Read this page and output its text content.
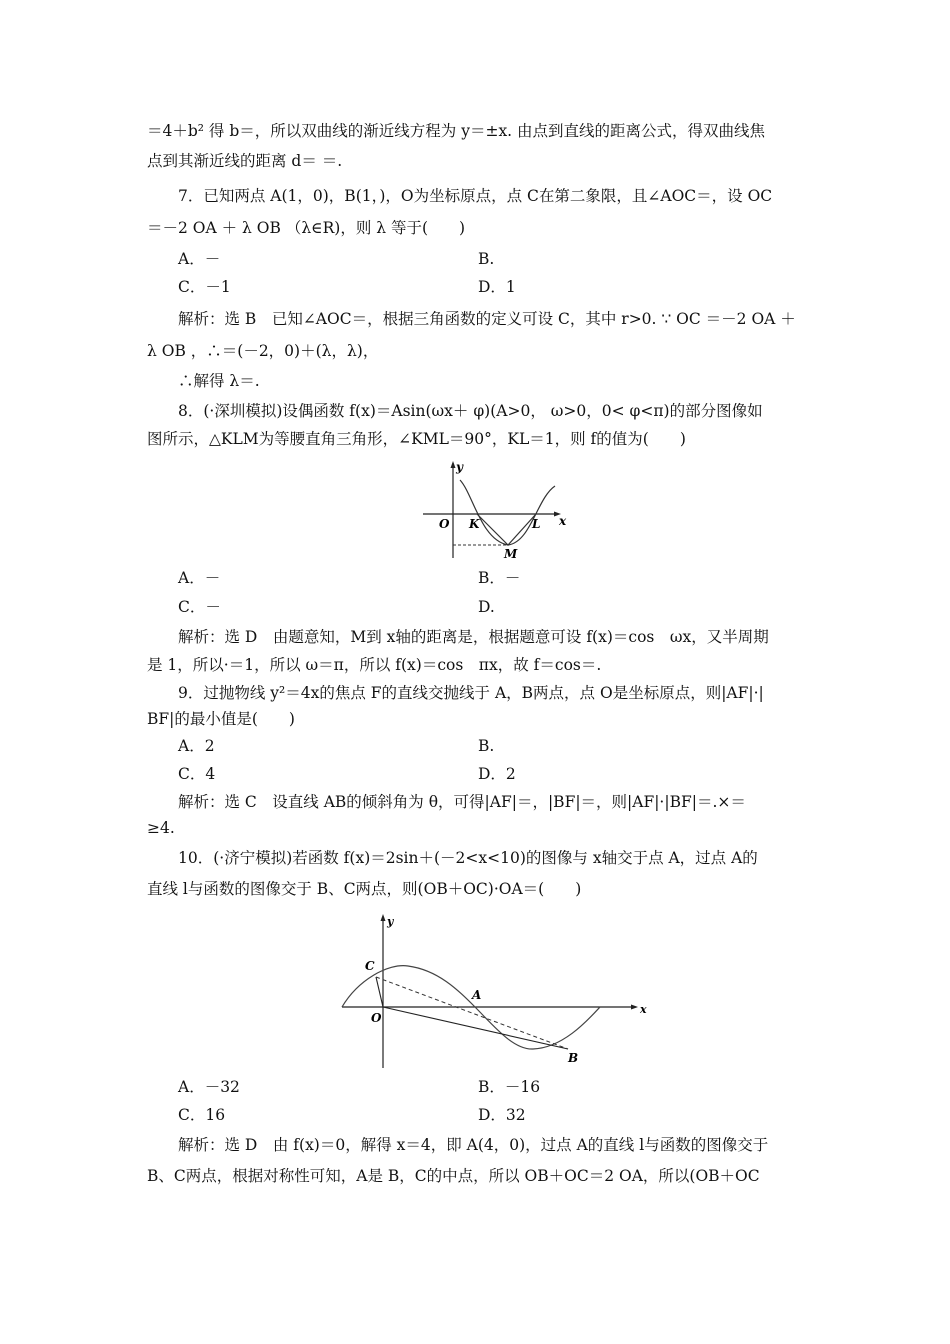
＝4＋b² 得 b＝，所以双曲线的渐近线方程为 y＝±x. 由点到直线的距离公式，得双曲线焦
点到其渐近线的距离 d＝ ＝.
7．已知两点 A(1，0)，B(1，)，O为坐标原点，点 C在第二象限，且∠AOC＝，设 OC
＝－2 OA ＋ λ OB （λ∈R)，则 λ 等于(　　)
A．－	B.
C．－1	D．1
解析：选 B　已知∠AOC＝，根据三角函数的定义可设 C，其中 r>0. ∵ OC ＝－2 OA ＋
λ OB ，∴＝(－2，0)＋(λ，λ)，
∴解得 λ＝.
8．(·深圳模拟)设偶函数 f(x)＝Asin(ωx＋ φ)(A>0， ω>0，0< φ<π)的部分图像如
图所示，△KLM为等腰直角三角形，∠KML＝90°，KL＝1，则 f的值为(　　)
y
O K	L x
M
A．－	B．－
C．－	D.
解析：选 D　由题意知，M到 x轴的距离是，根据题意可设 f(x)＝cos　ωx，又半周期
是 1，所以·＝1，所以 ω＝π，所以 f(x)＝cos　πx，故 f＝cos＝.
9．过抛物线 y²＝4x的焦点 F的直线交抛线于 A，B两点，点 O是坐标原点，则|AF|·|
BF|的最小值是(　　)
A．2	B.
C．4	D．2
解析：选 C　设直线 AB的倾斜角为 θ，可得|AF|＝，|BF|＝，则|AF|·|BF|＝.×＝
≥4.
10．(·济宁模拟)若函数 f(x)＝2sin＋(－2<x<10)的图像与 x轴交于点 A，过点 A的
直线 l与函数的图像交于 B、C两点，则(OB＋OC)·OA＝(　　)
y
C
A
O
x
B
A．－32	B．－16
C．16	D．32
解析：选 D　由 f(x)＝0，解得 x＝4，即 A(4，0)，过点 A的直线 l与函数的图像交于
B、C两点，根据对称性可知，A是 B，C的中点，所以 OB＋OC＝2 OA，所以(OB＋OC
